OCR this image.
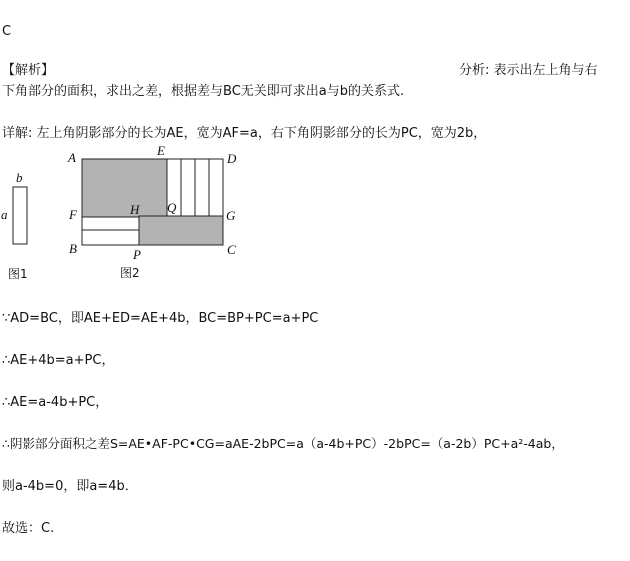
C
【解析】	分析: 表示出左上角与右
下角部分的面积，求出之差，根据差与BC无关即可求出a与b的关系式.
详解: 左上角阴影部分的长为AE，宽为AF=a，右下角阴影部分的长为PC，宽为2b，
b
a
图1
A	E
D
F	H Q
G
B	P	C
图2
∵AD=BC，即AE+ED=AE+4b，BC=BP+PC=a+PC
∴AE+4b=a+PC，
∴AE=a-4b+PC，
∴阴影部分面积之差S=AE•AF-PC•CG=aAE-2bPC=a（a-4b+PC）-2bPC=（a-2b）PC+a²-4ab，
则a-4b=0，即a=4b．
故选：C.
